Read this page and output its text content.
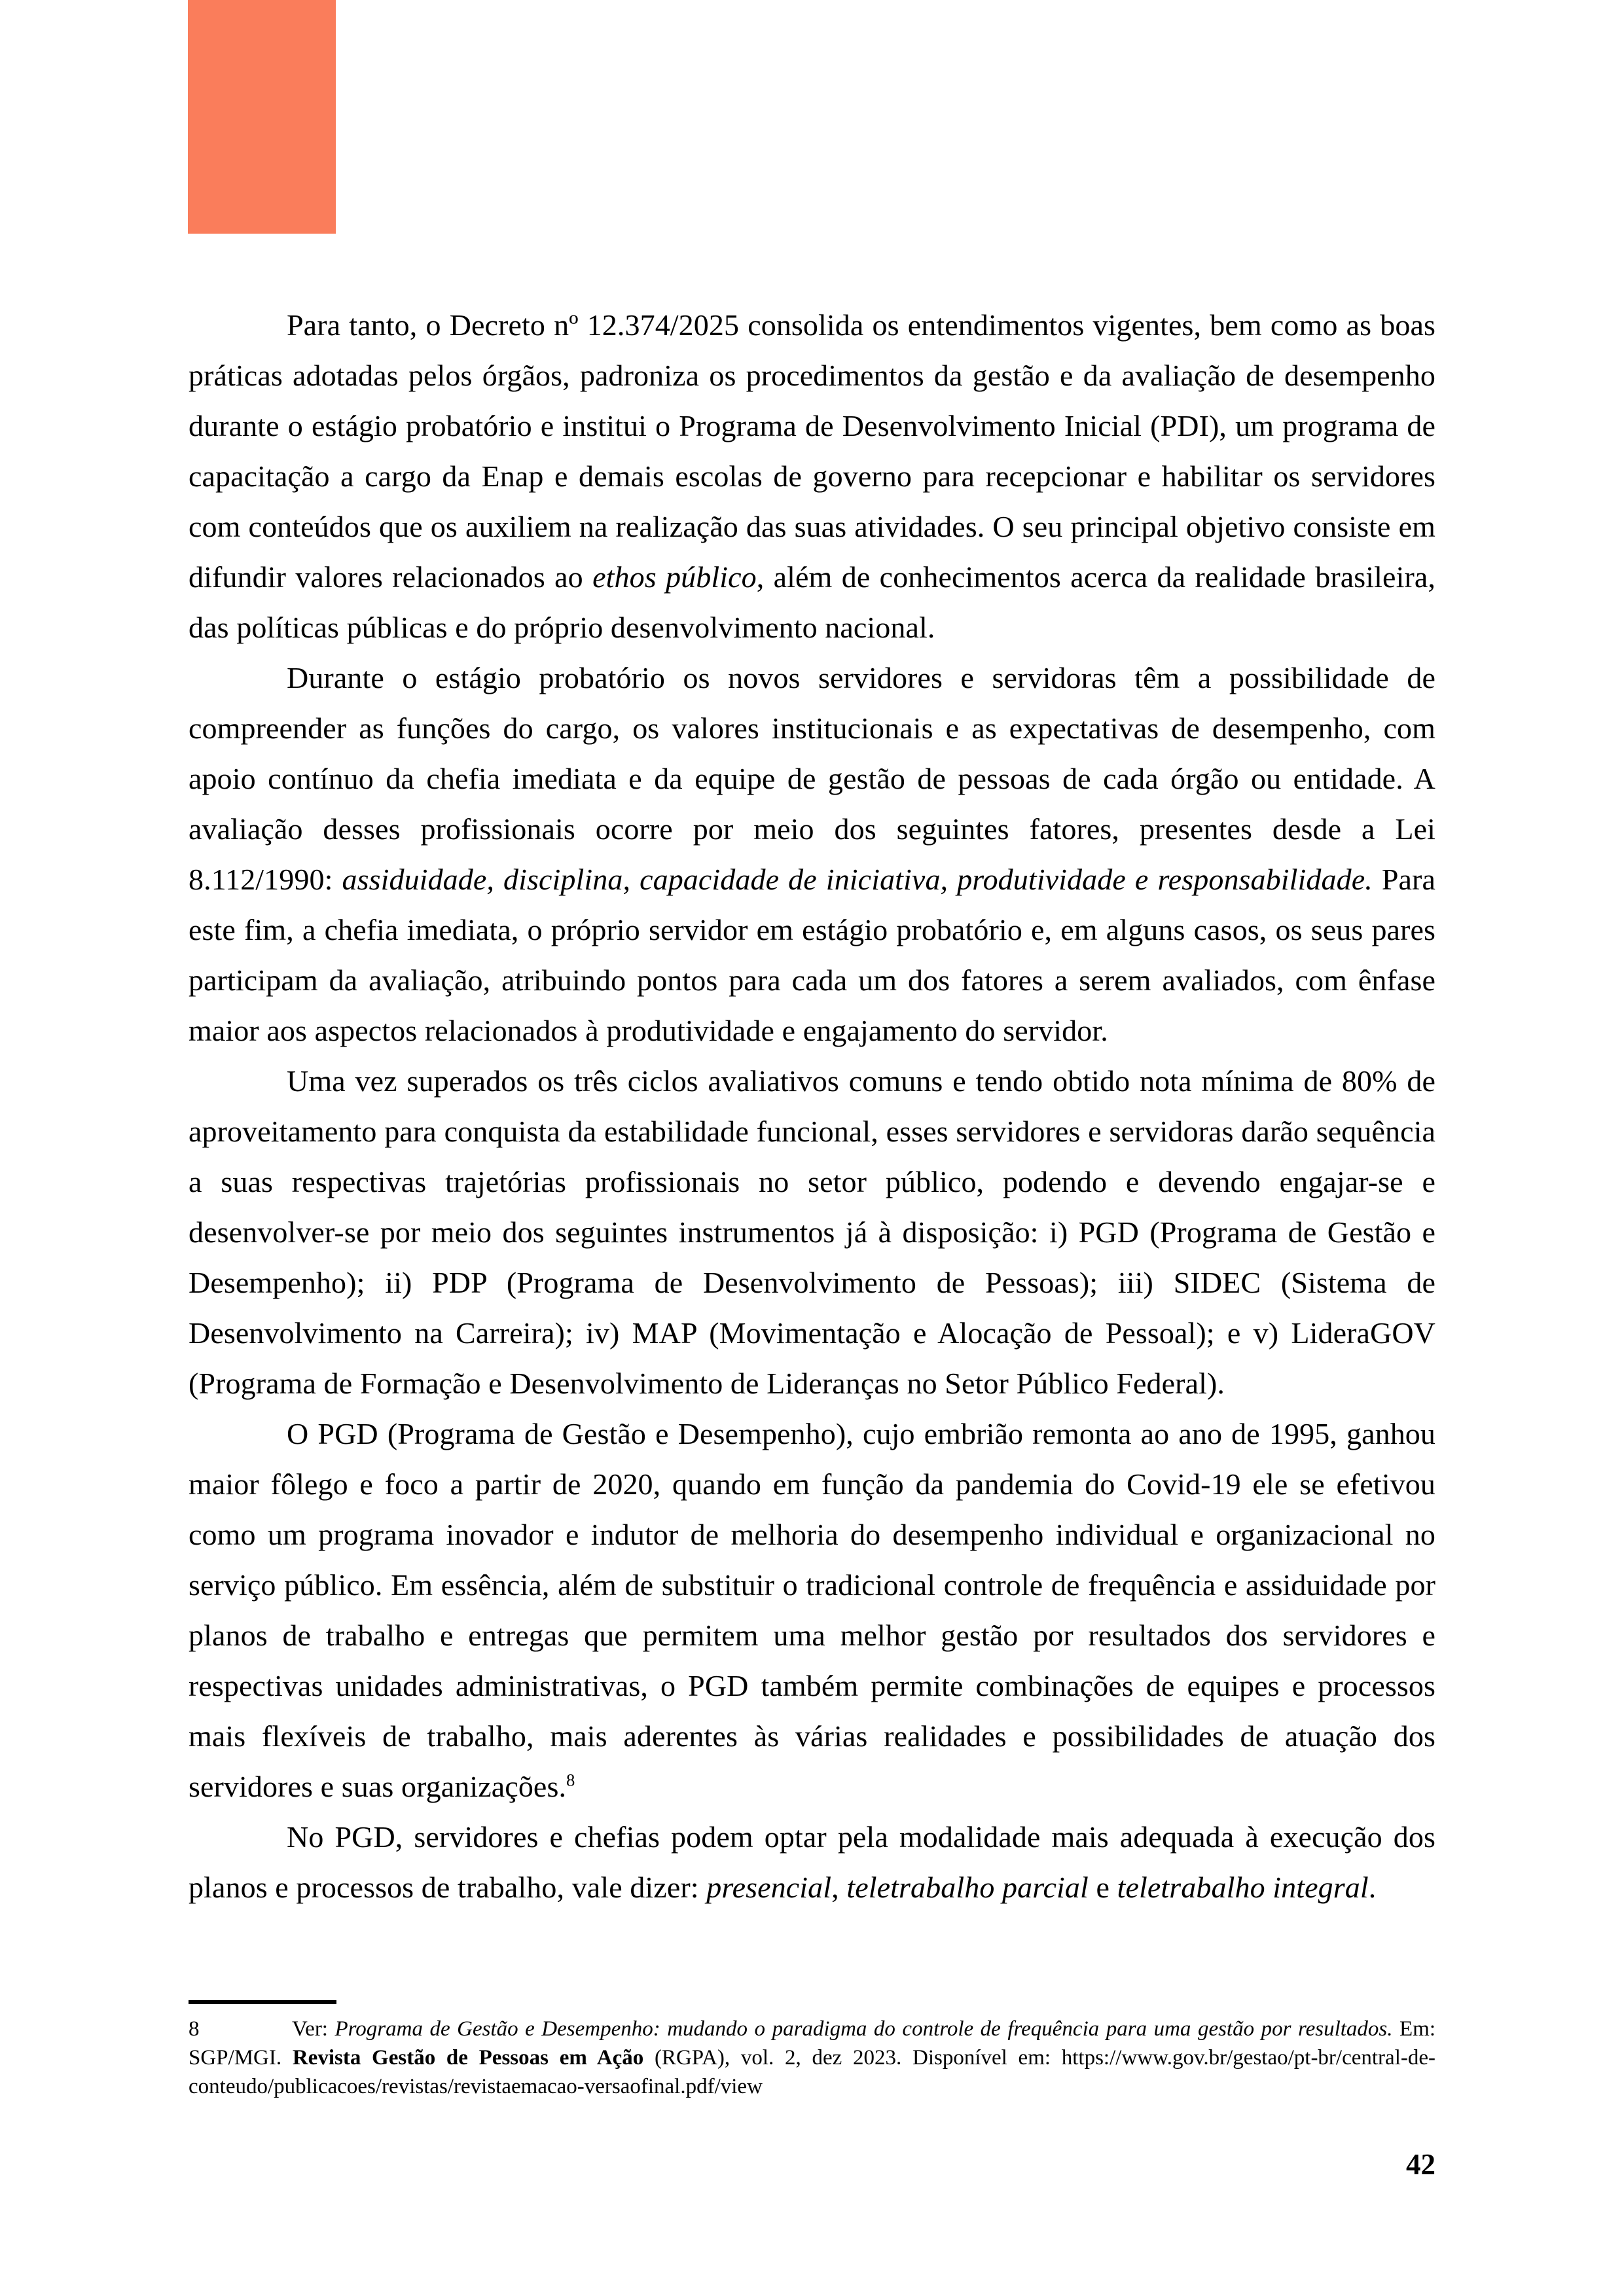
Para tanto, o Decreto nº 12.374/2025 consolida os entendimentos vigentes, bem como as boas práticas adotadas pelos órgãos, padroniza os procedimentos da gestão e da avaliação de desempenho durante o estágio probatório e institui o Programa de Desenvolvimento Inicial (PDI), um programa de capacitação a cargo da Enap e demais escolas de governo para recepcionar e habilitar os servidores com conteúdos que os auxiliem na realização das suas atividades. O seu principal objetivo consiste em difundir valores relacionados ao ethos público, além de conhecimentos acerca da realidade brasileira, das políticas públicas e do próprio desenvolvimento nacional.

Durante o estágio probatório os novos servidores e servidoras têm a possibilidade de compreender as funções do cargo, os valores institucionais e as expectativas de desempenho, com apoio contínuo da chefia imediata e da equipe de gestão de pessoas de cada órgão ou entidade. A avaliação desses profissionais ocorre por meio dos seguintes fatores, presentes desde a Lei 8.112/1990: assiduidade, disciplina, capacidade de iniciativa, produtividade e responsabilidade. Para este fim, a chefia imediata, o próprio servidor em estágio probatório e, em alguns casos, os seus pares participam da avaliação, atribuindo pontos para cada um dos fatores a serem avaliados, com ênfase maior aos aspectos relacionados à produtividade e engajamento do servidor.

Uma vez superados os três ciclos avaliativos comuns e tendo obtido nota mínima de 80% de aproveitamento para conquista da estabilidade funcional, esses servidores e servidoras darão sequência a suas respectivas trajetórias profissionais no setor público, podendo e devendo engajar-se e desenvolver-se por meio dos seguintes instrumentos já à disposição: i) PGD (Programa de Gestão e Desempenho); ii) PDP (Programa de Desenvolvimento de Pessoas); iii) SIDEC (Sistema de Desenvolvimento na Carreira); iv) MAP (Movimentação e Alocação de Pessoal); e v) LideraGOV (Programa de Formação e Desenvolvimento de Lideranças no Setor Público Federal).

O PGD (Programa de Gestão e Desempenho), cujo embrião remonta ao ano de 1995, ganhou maior fôlego e foco a partir de 2020, quando em função da pandemia do Covid-19 ele se efetivou como um programa inovador e indutor de melhoria do desempenho individual e organizacional no serviço público. Em essência, além de substituir o tradicional controle de frequência e assiduidade por planos de trabalho e entregas que permitem uma melhor gestão por resultados dos servidores e respectivas unidades administrativas, o PGD também permite combinações de equipes e processos mais flexíveis de trabalho, mais aderentes às várias realidades e possibilidades de atuação dos servidores e suas organizações.$^8$

No PGD, servidores e chefias podem optar pela modalidade mais adequada à execução dos planos e processos de trabalho, vale dizer: presencial, teletrabalho parcial e teletrabalho integral.

8	Ver: Programa de Gestão e Desempenho: mudando o paradigma do controle de frequência para uma gestão por resultados. Em: SGP/MGI. Revista Gestão de Pessoas em Ação (RGPA), vol. 2, dez 2023. Disponível em: https://www.gov.br/gestao/pt-br/central-de-conteudo/publicacoes/revistas/revistaemacao-versaofinal.pdf/view

42
